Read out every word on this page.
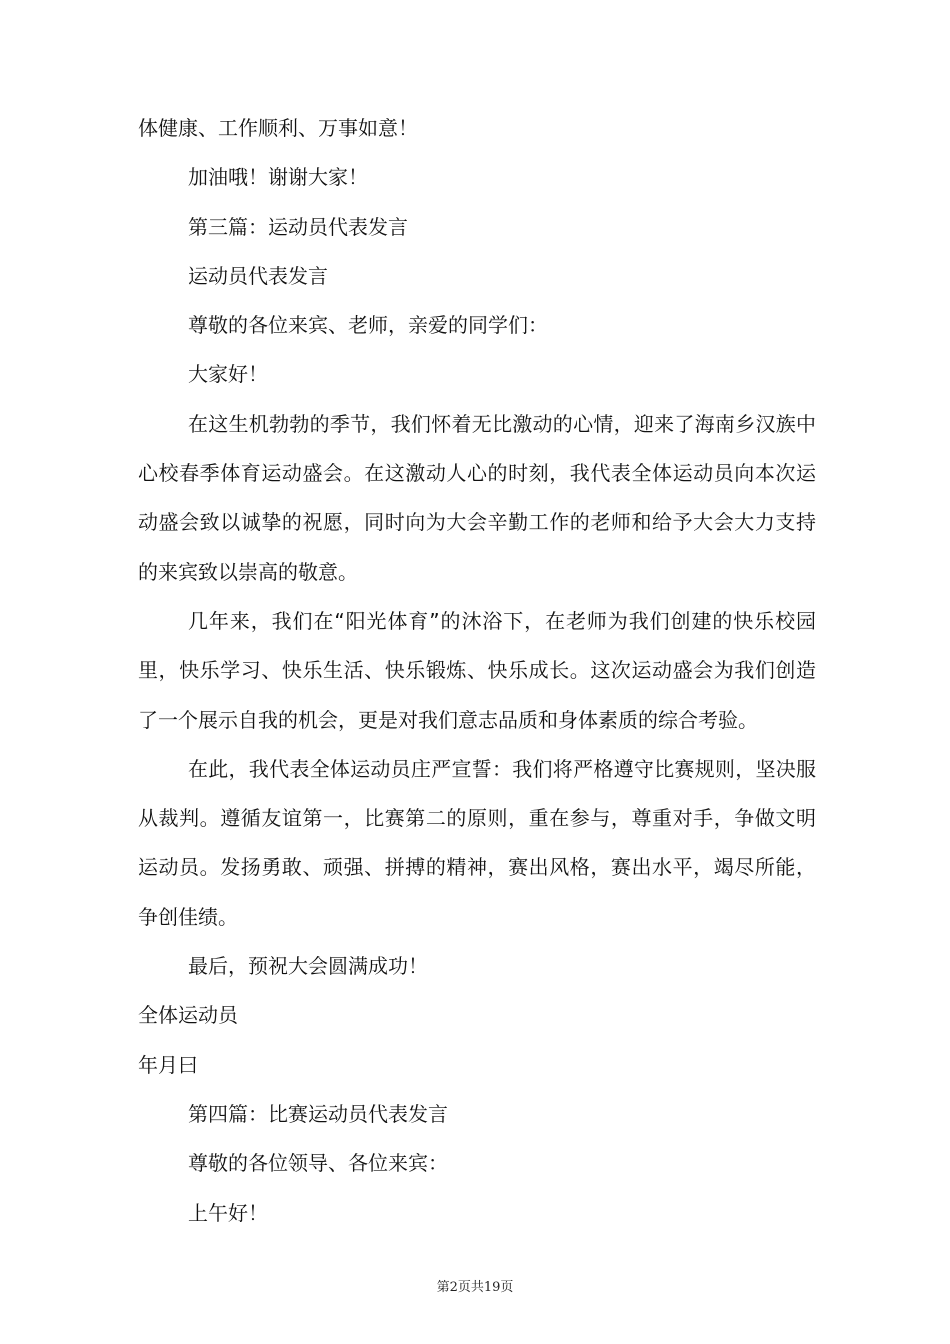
体健康、工作顺利、万事如意！

加油哦！谢谢大家！

第三篇：运动员代表发言

运动员代表发言

尊敬的各位来宾、老师，亲爱的同学们：

大家好！

在这生机勃勃的季节，我们怀着无比激动的心情，迎来了海南乡汉族中心校春季体育运动盛会。在这激动人心的时刻，我代表全体运动员向本次运动盛会致以诚挚的祝愿，同时向为大会辛勤工作的老师和给予大会大力支持的来宾致以崇高的敬意。

几年来，我们在“阳光体育”的沐浴下，在老师为我们创建的快乐校园里，快乐学习、快乐生活、快乐锻炼、快乐成长。这次运动盛会为我们创造了一个展示自我的机会，更是对我们意志品质和身体素质的综合考验。

在此，我代表全体运动员庄严宣誓：我们将严格遵守比赛规则，坚决服从裁判。遵循友谊第一，比赛第二的原则，重在参与，尊重对手，争做文明运动员。发扬勇敢、顽强、拼搏的精神，赛出风格，赛出水平，竭尽所能，争创佳绩。

最后，预祝大会圆满成功！

全体运动员

年月曰

第四篇：比赛运动员代表发言

尊敬的各位领导、各位来宾：

上午好！

第2页共19页
